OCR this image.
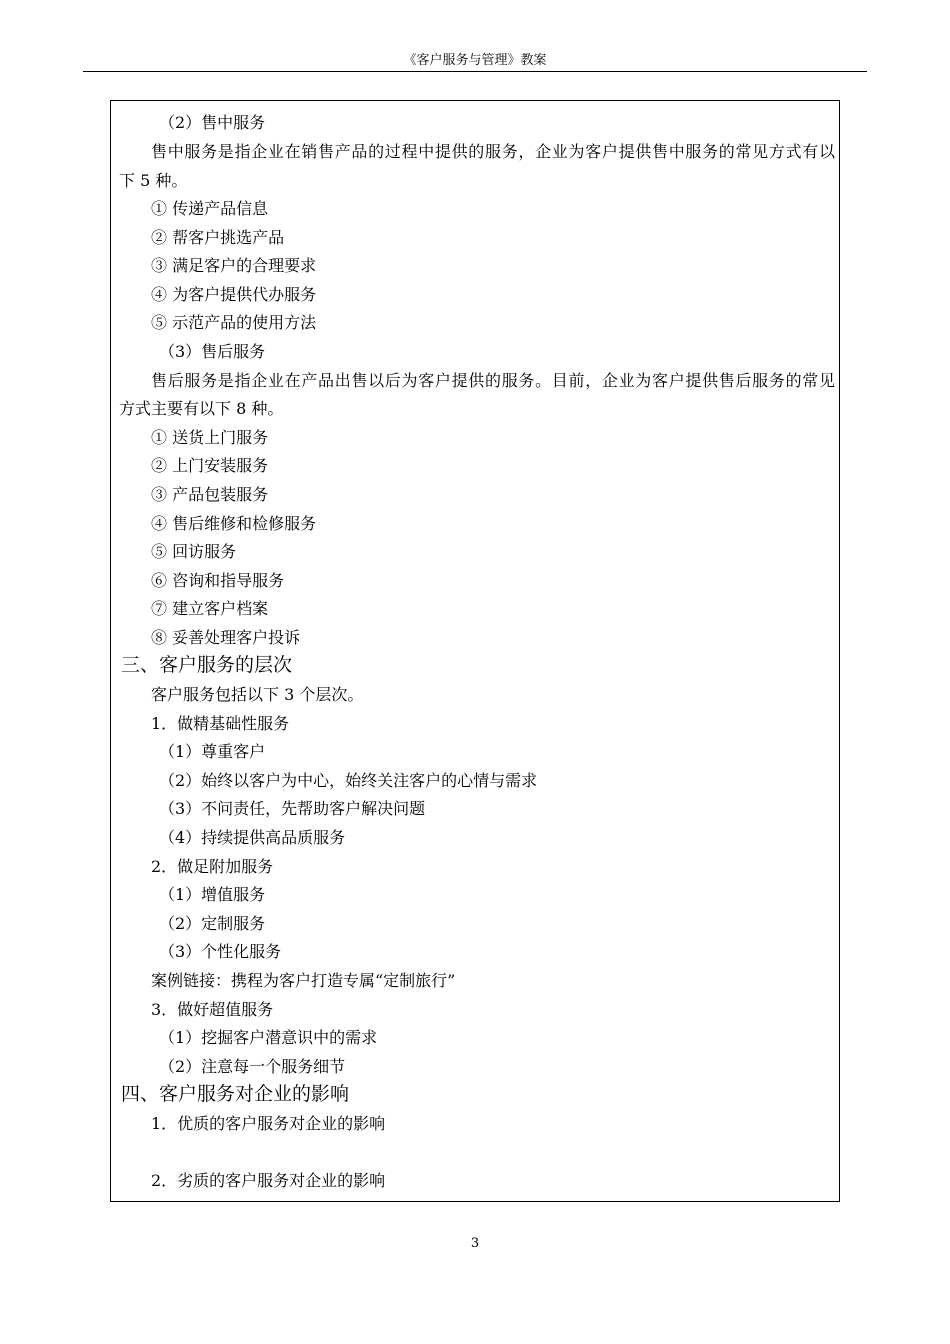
《客户服务与管理》教案
（2）售中服务
售中服务是指企业在销售产品的过程中提供的服务，企业为客户提供售中服务的常见方式有以
下 5 种。
① 传递产品信息
② 帮客户挑选产品
③ 满足客户的合理要求
④ 为客户提供代办服务
⑤ 示范产品的使用方法
（3）售后服务
售后服务是指企业在产品出售以后为客户提供的服务。目前，企业为客户提供售后服务的常见
方式主要有以下 8 种。
① 送货上门服务
② 上门安装服务
③ 产品包装服务
④ 售后维修和检修服务
⑤ 回访服务
⑥ 咨询和指导服务
⑦ 建立客户档案
⑧ 妥善处理客户投诉
三、客户服务的层次
客户服务包括以下 3 个层次。
1．做精基础性服务
（1）尊重客户
（2）始终以客户为中心，始终关注客户的心情与需求
（3）不问责任，先帮助客户解决问题
（4）持续提供高品质服务
2．做足附加服务
（1）增值服务
（2）定制服务
（3）个性化服务
案例链接：携程为客户打造专属“定制旅行”
3．做好超值服务
（1）挖掘客户潜意识中的需求
（2）注意每一个服务细节
四、客户服务对企业的影响
1．优质的客户服务对企业的影响
2．劣质的客户服务对企业的影响
3
